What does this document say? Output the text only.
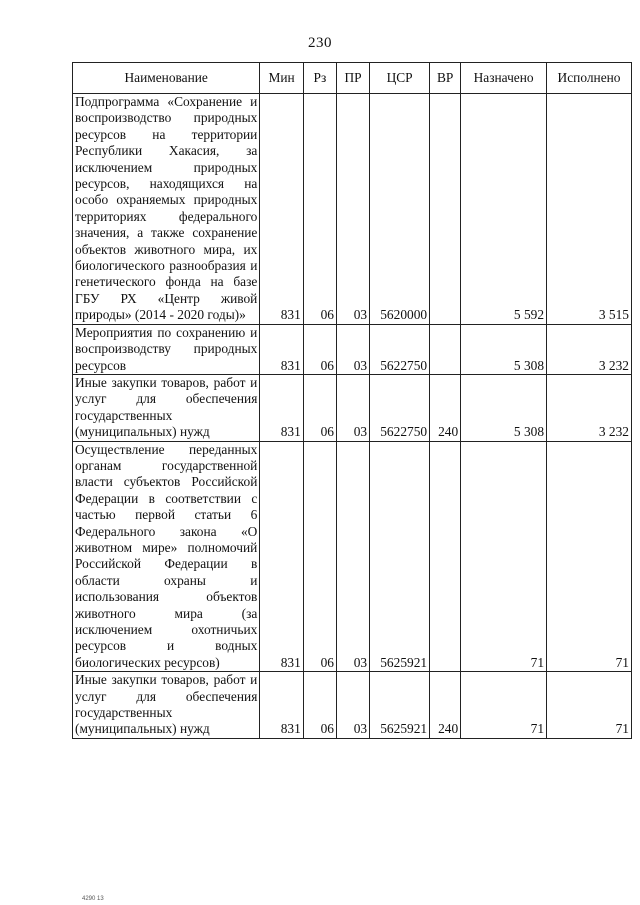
230
Наименование	Мин	Рз	ПР	ЦСР	ВР	Назначено	Исполнено
Подпрограмма «Сохранение и воспроизводство природных ресурсов на территории Республики Хакасия, за исключением природных ресурсов, находящихся на особо охраняемых природных территориях федерального значения, а также сохранение объектов животного мира, их биологического разнообразия и генетического фонда на базе ГБУ РХ «Центр живой природы» (2014 - 2020 годы)»	831	06	03	5620000		5 592	3 515
Мероприятия по сохранению и воспроизводству природных ресурсов	831	06	03	5622750		5 308	3 232
Иные закупки товаров, работ и услуг для обеспечения государственных (муниципальных) нужд	831	06	03	5622750	240	5 308	3 232
Осуществление переданных органам государственной власти субъектов Российской Федерации в соответствии с частью первой статьи 6 Федерального закона «О животном мире» полномочий Российской Федерации в области охраны и использования объектов животного мира (за исключением охотничьих ресурсов и водных биологических ресурсов)	831	06	03	5625921		71	71
Иные закупки товаров, работ и услуг для обеспечения государственных (муниципальных) нужд	831	06	03	5625921	240	71	71
4290 13
